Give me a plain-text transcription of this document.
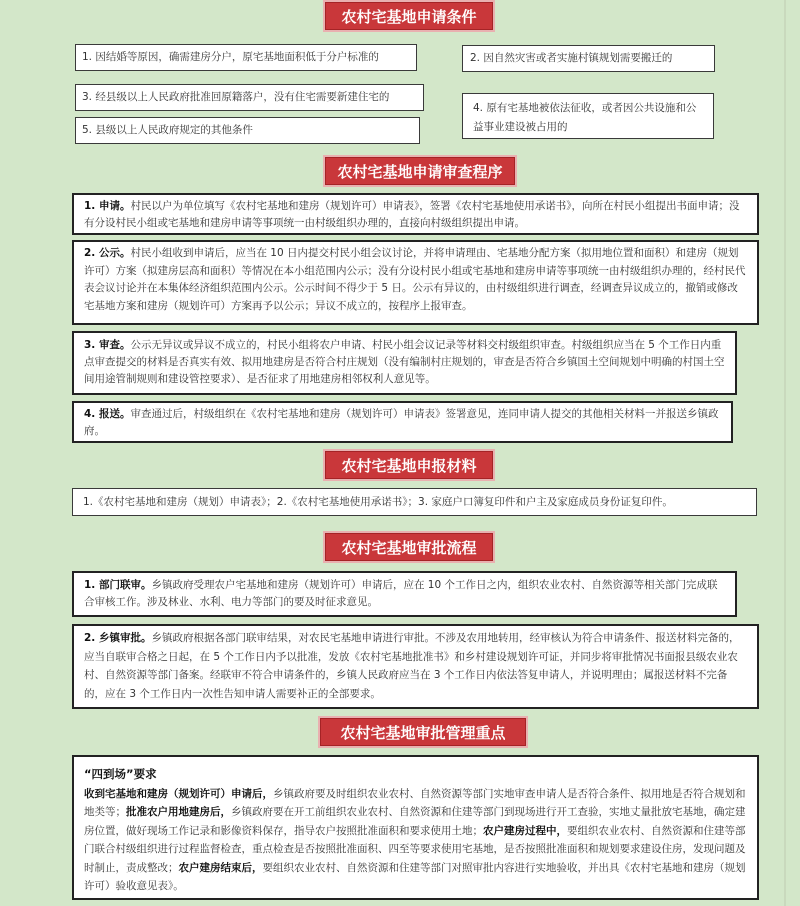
农村宅基地申请条件
1. 因结婚等原因，确需建房分户，原宅基地面积低于分户标准的	2. 因自然灾害或者实施村镇规划需要搬迁的
3. 经县级以上人民政府批准回原籍落户，没有住宅需要新建住宅的
4. 原有宅基地被依法征收，或者因公共设施和公益事业建设被占用的
5. 县级以上人民政府规定的其他条件
农村宅基地申请审查程序

1. 申请。村民以户为单位填写《农村宅基地和建房（规划许可）申请表》，签署《农村宅基地使用承诺书》，向所在村民小组提出书面申请；没有分设村民小组或宅基地和建房申请等事项统一由村级组织办理的，直接向村级组织提出申请。

2. 公示。村民小组收到申请后，应当在 10 日内提交村民小组会议讨论，并将申请理由、宅基地分配方案（拟用地位置和面积）和建房（规划许可）方案（拟建房层高和面积）等情况在本小组范围内公示；没有分设村民小组或宅基地和建房申请等事项统一由村级组织办理的，经村民代表会议讨论并在本集体经济组织范围内公示。公示时间不得少于 5 日。公示有异议的，由村级组织进行调查，经调查异议成立的，撤销或修改宅基地方案和建房（规划许可）方案再予以公示；异议不成立的，按程序上报审查。

3. 审查。公示无异议或异议不成立的，村民小组将农户申请、村民小组会议记录等材料交村级组织审查。村级组织应当在 5 个工作日内重点审查提交的材料是否真实有效、拟用地建房是否符合村庄规划（没有编制村庄规划的，审查是否符合乡镇国土空间规划中明确的村国土空间用途管制规则和建设管控要求）、是否征求了用地建房相邻权利人意见等。

4. 报送。审查通过后，村级组织在《农村宅基地和建房（规划许可）申请表》签署意见，连同申请人提交的其他相关材料一并报送乡镇政府。

农村宅基地申报材料
1.《农村宅基地和建房（规划）申请表》；2.《农村宅基地使用承诺书》；3. 家庭户口簿复印件和户主及家庭成员身份证复印件。
农村宅基地审批流程

1. 部门联审。乡镇政府受理农户宅基地和建房（规划许可）申请后，应在 10 个工作日之内，组织农业农村、自然资源等相关部门完成联合审核工作。涉及林业、水利、电力等部门的要及时征求意见。

2. 乡镇审批。乡镇政府根据各部门联审结果，对农民宅基地申请进行审批。不涉及农用地转用，经审核认为符合申请条件、报送材料完备的，应当自联审合格之日起，在 5 个工作日内予以批准，发放《农村宅基地批准书》和乡村建设规划许可证，并同步将审批情况书面报县级农业农村、自然资源等部门备案。经联审不符合申请条件的，乡镇人民政府应当在 3 个工作日内依法答复申请人，并说明理由；属报送材料不完备的，应在 3 个工作日内一次性告知申请人需要补正的全部要求。

农村宅基地审批管理重点

“四到场”要求

收到宅基地和建房（规划许可）申请后，乡镇政府要及时组织农业农村、自然资源等部门实地审查申请人是否符合条件、拟用地是否符合规划和地类等；批准农户用地建房后，乡镇政府要在开工前组织农业农村、自然资源和住建等部门到现场进行开工查验，实地丈量批放宅基地，确定建房位置，做好现场工作记录和影像资料保存，指导农户按照批准面积和要求使用土地；农户建房过程中，要组织农业农村、自然资源和住建等部门联合村级组织进行过程监督检查，重点检查是否按照批准面积、四至等要求使用宅基地，是否按照批准面积和规划要求建设住房，发现问题及时制止，责成整改；农户建房结束后，要组织农业农村、自然资源和住建等部门对照审批内容进行实地验收，并出具《农村宅基地和建房（规划许可）验收意见表》。
